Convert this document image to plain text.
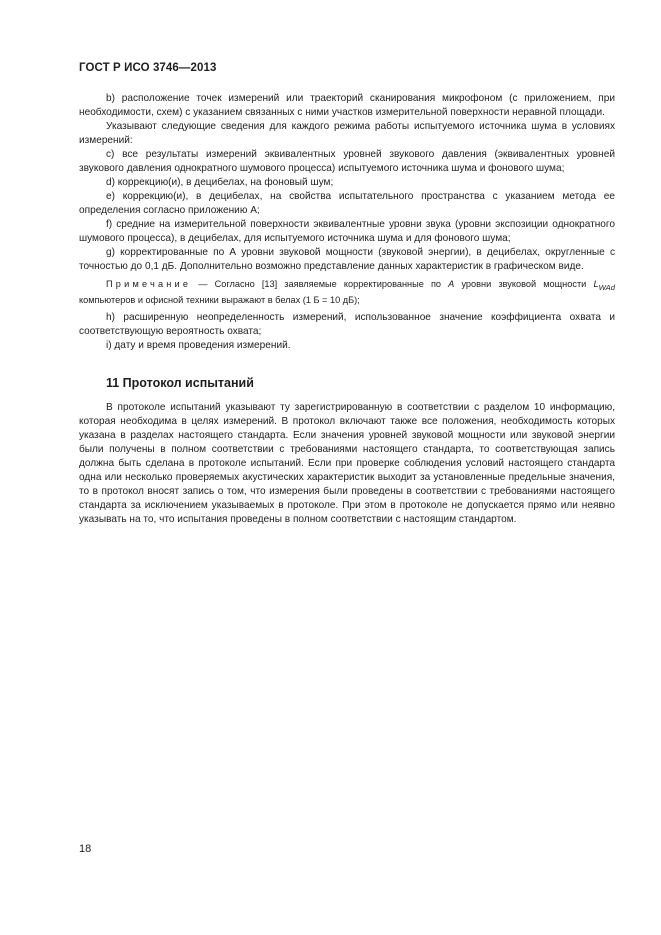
ГОСТ Р ИСО 3746—2013

b) расположение точек измерений или траекторий сканирования микрофоном (с приложением, при необходимости, схем) с указанием связанных с ними участков измерительной поверхности неравной площади.

Указывают следующие сведения для каждого режима работы испытуемого источника шума в условиях измерений:

с) все результаты измерений эквивалентных уровней звукового давления (эквивалентных уровней звукового давления однократного шумового процесса) испытуемого источника шума и фонового шума;

d) коррекцию(и), в децибелах, на фоновый шум;

е) коррекцию(и), в децибелах, на свойства испытательного пространства с указанием метода ее определения согласно приложению А;

f) средние на измерительной поверхности эквивалентные уровни звука (уровни экспозиции однократного шумового процесса), в децибелах, для испытуемого источника шума и для фонового шума;

g) корректированные по А уровни звуковой мощности (звуковой энергии), в децибелах, округленные с точностью до 0,1 дБ. Дополнительно возможно представление данных характеристик в графическом виде.

Примечание — Согласно [13] заявляемые корректированные по А уровни звуковой мощности $L_{WAd}$ компьютеров и офисной техники выражают в белах (1 Б = 10 дБ);

h) расширенную неопределенность измерений, использованное значение коэффициента охвата и соответствующую вероятность охвата;

i) дату и время проведения измерений.

11 Протокол испытаний

В протоколе испытаний указывают ту зарегистрированную в соответствии с разделом 10 информацию, которая необходима в целях измерений. В протокол включают также все положения, необходимость которых указана в разделах настоящего стандарта. Если значения уровней звуковой мощности или звуковой энергии были получены в полном соответствии с требованиями настоящего стандарта, то соответствующая запись должна быть сделана в протоколе испытаний. Если при проверке соблюдения условий настоящего стандарта одна или несколько проверяемых акустических характеристик выходит за установленные предельные значения, то в протокол вносят запись о том, что измерения были проведены в соответствии с требованиями настоящего стандарта за исключением указываемых в протоколе. При этом в протоколе не допускается прямо или неявно указывать на то, что испытания проведены в полном соответствии с настоящим стандартом.

18
